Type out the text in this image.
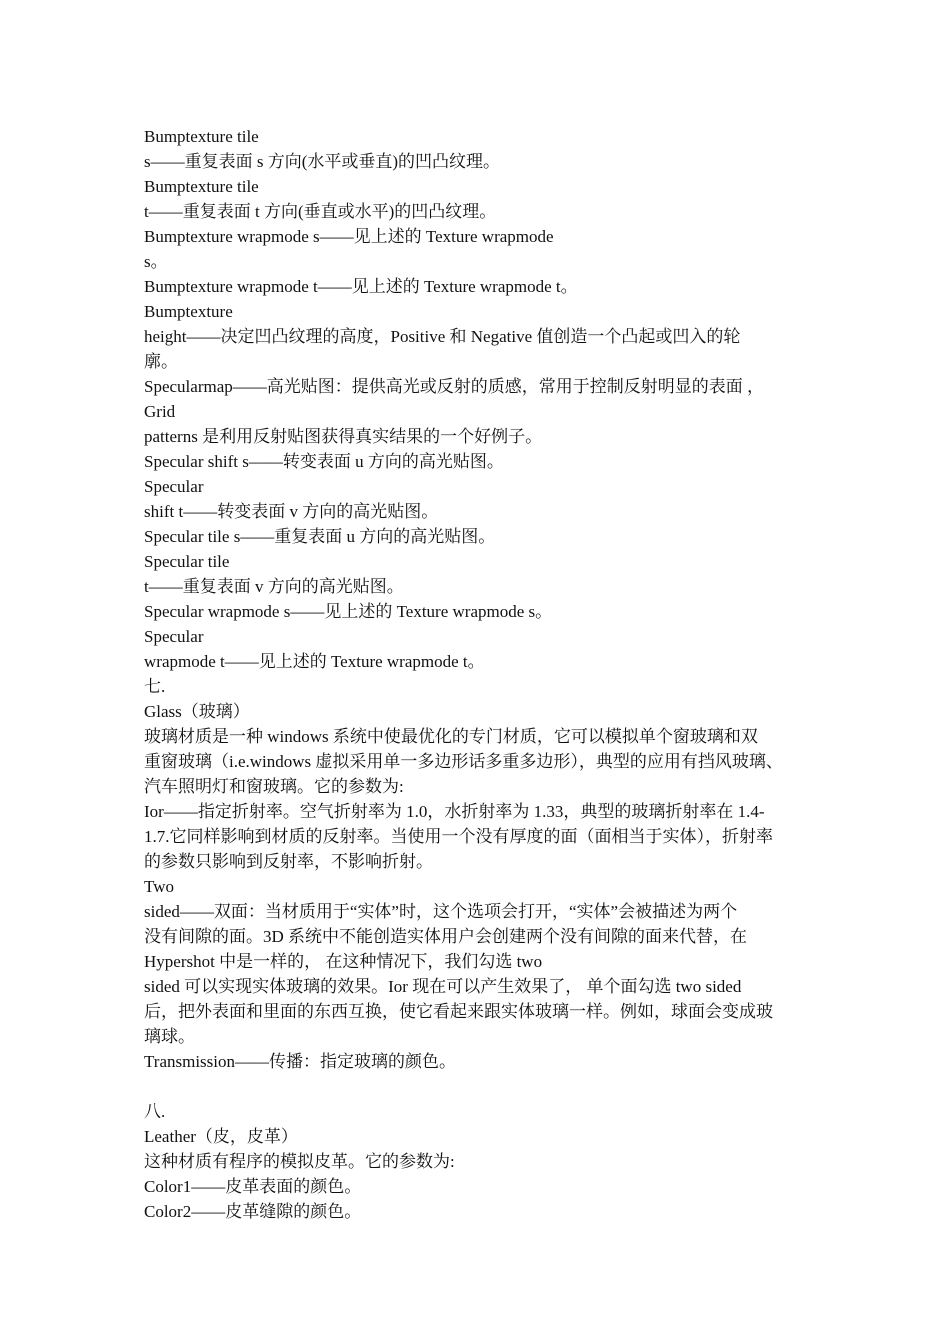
Bumptexture tile
s——重复表面 s 方向(水平或垂直)的凹凸纹理。
Bumptexture tile
t——重复表面 t 方向(垂直或水平)的凹凸纹理。
Bumptexture wrapmode s——见上述的 Texture wrapmode
s。
Bumptexture wrapmode t——见上述的 Texture wrapmode t。
Bumptexture
height——决定凹凸纹理的高度，Positive 和 Negative 值创造一个凸起或凹入的轮
廓。
Specularmap——高光贴图：提供高光或反射的质感，常用于控制反射明显的表面 ，
Grid
patterns 是利用反射贴图获得真实结果的一个好例子。
Specular shift s——转变表面 u 方向的高光贴图。
Specular
shift t——转变表面 v 方向的高光贴图。
Specular tile s——重复表面 u 方向的高光贴图。
Specular tile
t——重复表面 v 方向的高光贴图。
Specular wrapmode s——见上述的 Texture wrapmode s。
Specular
wrapmode t——见上述的 Texture wrapmode t。
七.
Glass（玻璃）
玻璃材质是一种 windows 系统中使最优化的专门材质，它可以模拟单个窗玻璃和双
重窗玻璃（i.e.windows 虚拟采用单一多边形话多重多边形），典型的应用有挡风玻璃、
汽车照明灯和窗玻璃。它的参数为:
Ior——指定折射率。空气折射率为 1.0，水折射率为 1.33，典型的玻璃折射率在 1.4-
1.7.它同样影响到材质的反射率。当使用一个没有厚度的面（面相当于实体），折射率
的参数只影响到反射率，不影响折射。
Two
sided——双面：当材质用于“实体”时，这个选项会打开，“实体”会被描述为两个
没有间隙的面。3D 系统中不能创造实体用户会创建两个没有间隙的面来代替，在
Hypershot 中是一样的， 在这种情况下，我们勾选 two
sided 可以实现实体玻璃的效果。Ior 现在可以产生效果了， 单个面勾选 two sided
后，把外表面和里面的东西互换，使它看起来跟实体玻璃一样。例如，球面会变成玻
璃球。
Transmission——传播：指定玻璃的颜色。
八.
Leather（皮，皮革）
这种材质有程序的模拟皮革。它的参数为:
Color1——皮革表面的颜色。
Color2——皮革缝隙的颜色。
